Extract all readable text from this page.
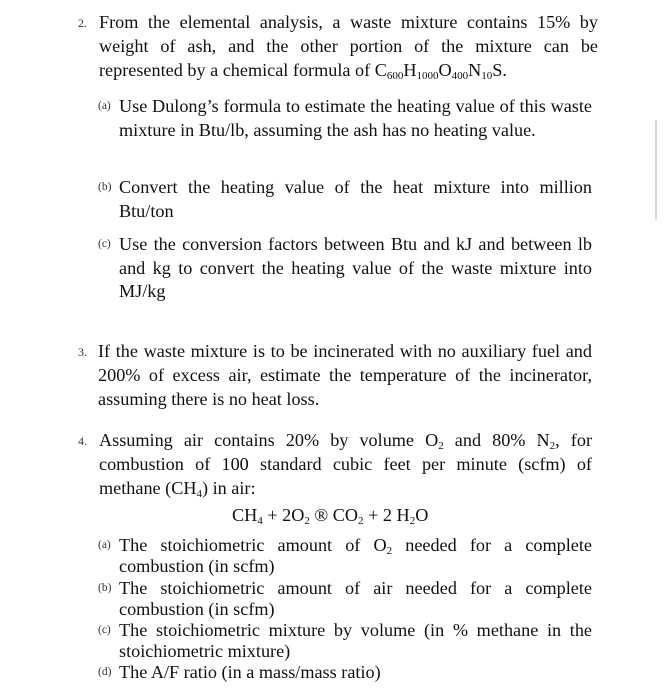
2. From the elemental analysis, a waste mixture contains 15% by weight of ash, and the other portion of the mixture can be represented by a chemical formula of $C_{600}H_{1000}O_{400}N_{10}S$.
(a) Use Dulong’s formula to estimate the heating value of this waste mixture in Btu/lb, assuming the ash has no heating value.
(b) Convert the heating value of the heat mixture into million Btu/ton
(c) Use the conversion factors between Btu and kJ and between lb and kg to convert the heating value of the waste mixture into MJ/kg
3. If the waste mixture is to be incinerated with no auxiliary fuel and 200% of excess air, estimate the temperature of the incinerator, assuming there is no heat loss.
4. Assuming air contains 20% by volume $O_2$ and 80% $N_2$, for combustion of 100 standard cubic feet per minute (scfm) of methane $(CH_4)$ in air:
$CH_4 + 2O_2$ ® $CO_2 + 2$ $H_2O$
(a) The stoichiometric amount of $O_2$ needed for a complete combustion (in scfm)
(b) The stoichiometric amount of air needed for a complete combustion (in scfm)
(c) The stoichiometric mixture by volume (in % methane in the stoichiometric mixture)
(d) The A/F ratio (in a mass/mass ratio)
